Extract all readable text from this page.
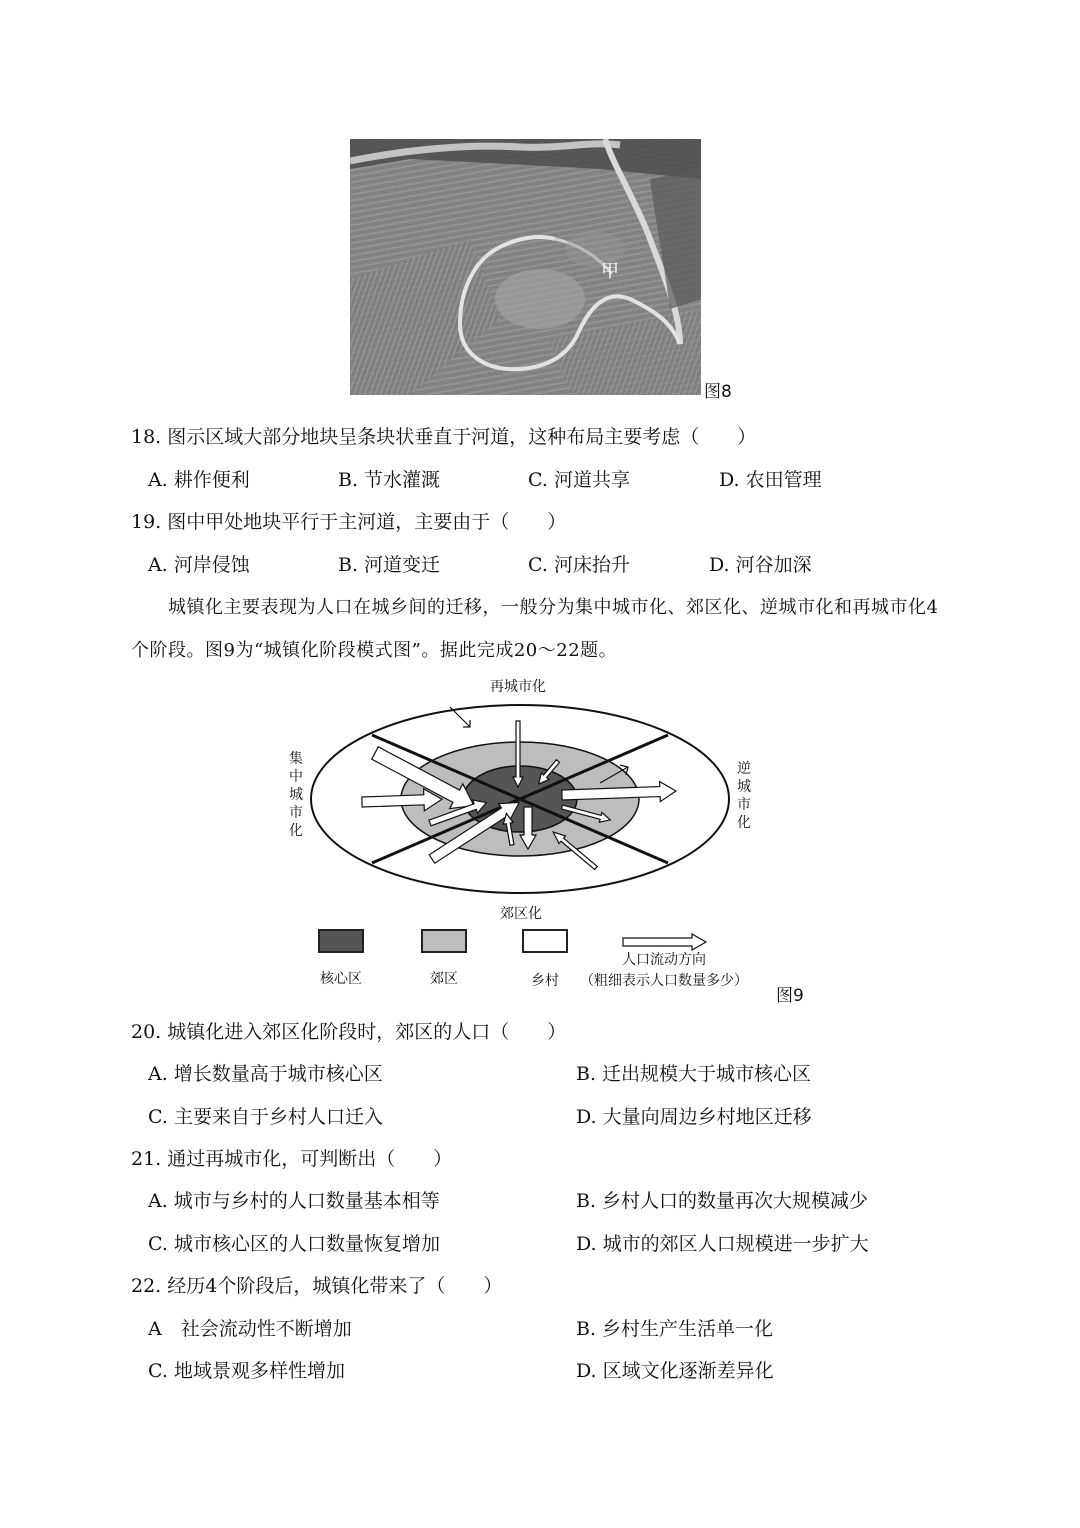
甲
图8
18. 图示区域大部分地块呈条块状垂直于河道，这种布局主要考虑（　　）
A. 耕作便利	B. 节水灌溉	C. 河道共享	D. 农田管理
19. 图中甲处地块平行于主河道，主要由于（　　）
A. 河岸侵蚀	B. 河道变迁	C. 河床抬升	D. 河谷加深
城镇化主要表现为人口在城乡间的迁移，一般分为集中城市化、郊区化、逆城市化和再城市化4
个阶段。图9为“城镇化阶段模式图”。据此完成20～22题。
再城市化
集
中
城
市
化
逆
城
市
化
郊区化
核心区	郊区	乡村
人口流动方向
（粗细表示人口数量多少）
图9
20. 城镇化进入郊区化阶段时，郊区的人口（　　）
A. 增长数量高于城市核心区	B. 迁出规模大于城市核心区
C. 主要来自于乡村人口迁入	D. 大量向周边乡村地区迁移
21. 通过再城市化，可判断出（　　）
A. 城市与乡村的人口数量基本相等	B. 乡村人口的数量再次大规模减少
C. 城市核心区的人口数量恢复增加	D. 城市的郊区人口规模进一步扩大
22. 经历4个阶段后，城镇化带来了（　　）
A　社会流动性不断增加	B. 乡村生产生活单一化
C. 地域景观多样性增加	D. 区域文化逐渐差异化
